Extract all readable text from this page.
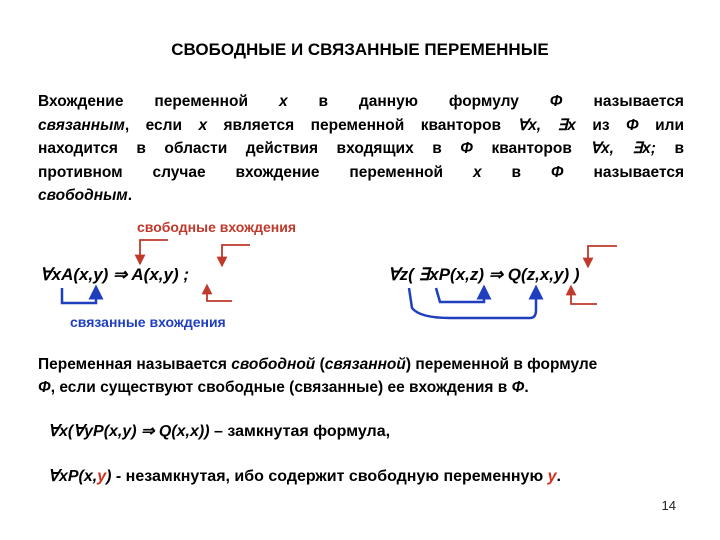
СВОБОДНЫЕ И СВЯЗАННЫЕ ПЕРЕМЕННЫЕ
Вхождение переменной x в данную формулу Φ называется
связанным, если x является переменной кванторов ∀x, ∃x из Φ или
находится в области действия входящих в Φ кванторов ∀x, ∃x; в
противном случае вхождение переменной x в Φ называется
свободным.
свободные вхождения
∀xA(x,y) ⇒ A(x,y) ;	∀z( ∃xP(x,z) ⇒ Q(z,x,y) )
связанные вхождения
Переменная называется свободной (связанной) переменной в формуле
Φ, если существуют свободные (связанные) ее вхождения в Φ.
∀x(∀yP(x,y) ⇒ Q(x,x)) – замкнутая формула,
∀xP(x,y) - незамкнутая, ибо содержит свободную переменную y.
14
